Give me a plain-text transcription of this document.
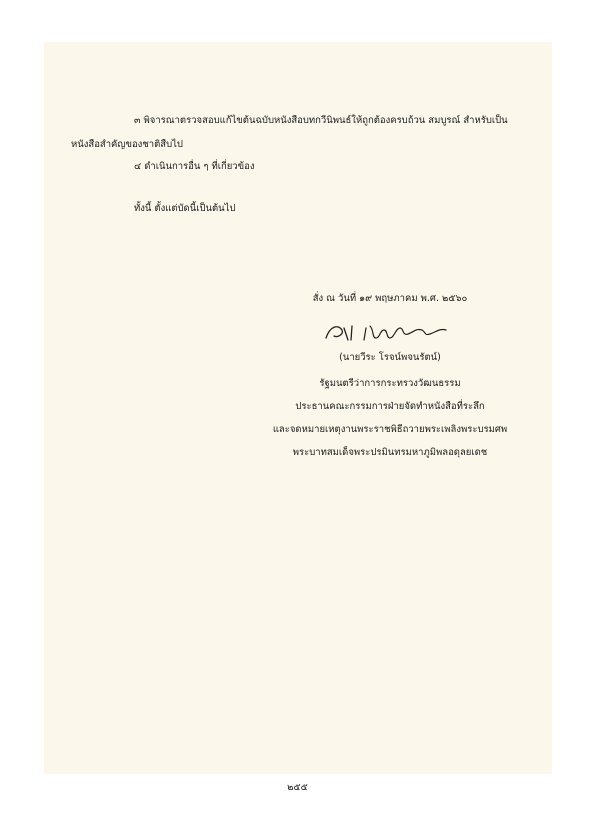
๓ พิจารณาตรวจสอบแก้ไขต้นฉบับหนังสือบทกวีนิพนธ์ให้ถูกต้องครบถ้วน สมบูรณ์ สำหรับเป็น
หนังสือสำคัญของชาติสืบไป
๔ ดำเนินการอื่น ๆ ที่เกี่ยวข้อง
ทั้งนี้ ตั้งแต่บัดนี้เป็นต้นไป
สั่ง ณ วันที่ ๑๙ พฤษภาคม พ.ศ. ๒๕๖๐
(นายวีระ โรจน์พจนรัตน์)
รัฐมนตรีว่าการกระทรวงวัฒนธรรม
ประธานคณะกรรมการฝ่ายจัดทำหนังสือที่ระลึก
และจดหมายเหตุงานพระราชพิธีถวายพระเพลิงพระบรมศพ
พระบาทสมเด็จพระปรมินทรมหาภูมิพลอดุลยเดช
๒๕๕
